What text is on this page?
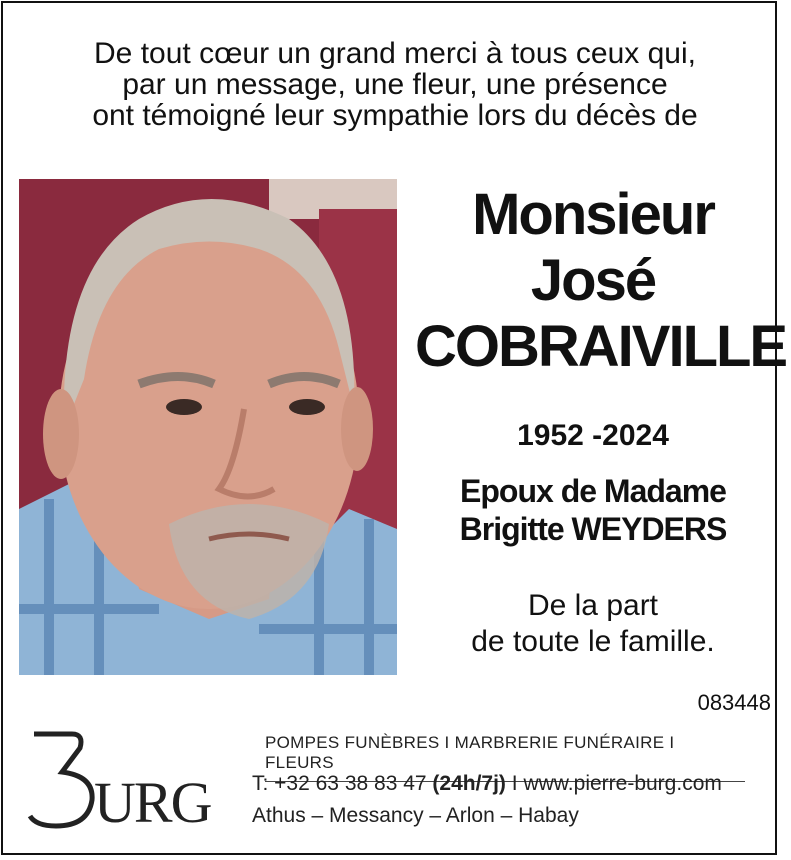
De tout cœur un grand merci à tous ceux qui,
par un message, une fleur, une présence
ont témoigné leur sympathie lors du décès de
Monsieur
José
COBRAIVILLE
1952 -2024
Epoux de Madame
Brigitte WEYDERS
De la part
de toute le famille.
083448
URG
POMPES FUNÈBRES I MARBRERIE FUNÉRAIRE I FLEURS
T: +32 63 38 83 47 (24h/7j) I www.pierre-burg.com
Athus – Messancy – Arlon – Habay
